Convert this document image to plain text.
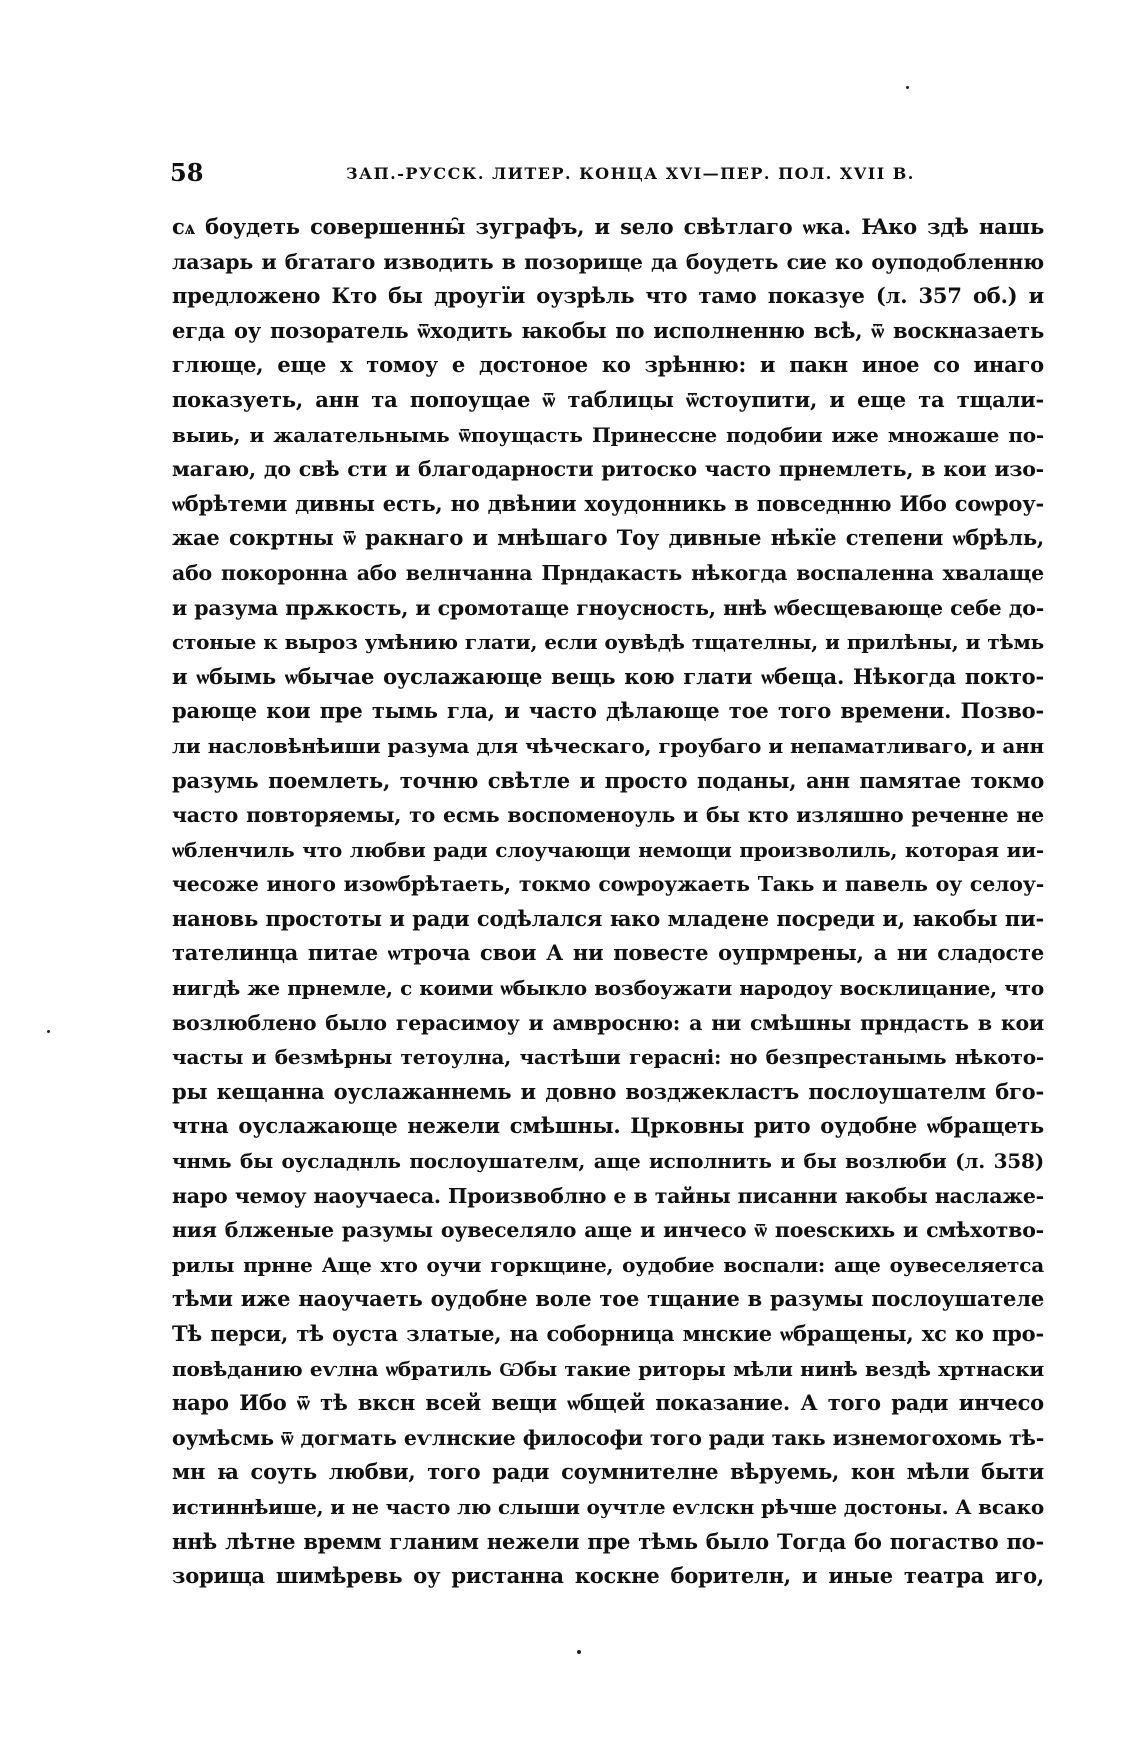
58	ЗАП.-РУСCК. ЛИТЕР. КОНЦА XVI—ПЕР. ПОЛ. XVII В.
сѧ боудеть совершенны̑ зуграфъ, и ѕело свѣтлаго ѡка. Ꙗко здѣ нашь
лазарь и бгатаго изводить в позорище да боудеть сие ко оуподобленню
предложено Кто бы дроугїи оузрѣль что тамо показуе (л. 357 об.) и
егда оу позоратель ѿходить ꙗкобы по исполненню всѣ, ѿ воскназаеть
глюще, еще х томоу е достоное ко зрѣнню: и пакн иное со инаго
показуеть, анн та попоущае ѿ таблицы ѿстоупити, и еще та тщали-
выиь, и жалательнымь ѿпоущасть Принессне подобии иже множаше по-
магаю, до свѣ сти и благодарности ритоско часто прнемлеть, в кои изо-
ѡбрѣтеми дивны есть, но двѣнии хоудонникь в повседнню Ибо соѡроу-
жае сокртны ѿ ракнаго и мнѣшаго Тоу дивные нѣкїе степени ѡбрѣль,
або покоронна або велнчанна Прндакасть нѣкогда воспаленна хвалаще
и разума прѫкость, и сромотаще гноусность, ннѣ ѡбесщевающе себе до-
стоные к выроз умѣнию глати, если оувѣдѣ тщателны, и прилѣны, и тѣмь
и ѡбымь ѡбычае оуслажающе вещь кою глати ѡбеща. Нѣкогда покто-
рающе кои пре тымь гла, и часто дѣлающе тое того времени. Позво-
ли насловѣнѣиши разума для чѣческаго, гроубаго и непаматливаго, и анн
разумь поемлеть, точню свѣтле и просто поданы, анн памятае токмо
часто повторяемы, то есмь воспоменоуль и бы кто изляшно реченне не
ѡбленчиль что любви ради слоучающи немощи произволиль, которая ии-
чесоже иного изоѡбрѣтаеть, токмо соѡроужаеть Такь и павель оу селоу-
нановь простоты и ради содѣлался ꙗко младене посреди и, ꙗкобы пи-
тателинца питае ѡтроча свои А ни повесте оупрмрены, а ни сладосте
нигдѣ же прнемле, с коими ѡбыкло возбоужати народоу восклицание, что
возлюблено было герасимоу и амвросню: а ни смѣшны прндасть в кои
часты и безмѣрны тетоулна, частѣши герасні: но безпрестанымь нѣкото-
ры кещанна оуслажаннемь и довно возджекластъ послоушателм бго-
чтна оуслажающе нежели смѣшны. Црковны рито оудобне ѡбращеть
чнмь бы оусладнль послоушателм, аще исполнить и бы возлюби (л. 358)
наро чемоу наоучаеса. Произвоблно е в тайны писанни ꙗкобы наслаже-
ния блженые разумы оувеселяло аще и инчесо ѿ поеѕскихь и смѣхотво-
рилы прнне Аще хто оучи горкщине, оудобие воспали: аще оувеселяетса
тѣми иже наоучаеть оудобне воле тое тщание в разумы послоушателе
Тѣ перси, тѣ оуста златые, на соборница мнские ѡбращены, хс ко про-
повѣданию еѵлна ѡбратиль Ѡбы такие риторы мѣли нинѣ вездѣ хртнаски
наро Ибо ѿ тѣ вксн всей вещи ѡбщей показание. А того ради инчесо
оумѣсмь ѿ догмать еѵлнские философи того ради такь изнемогохомь тѣ-
мн ꙗ соуть любви, того ради соумнителне вѣруемь, кон мѣли быти
истиннѣише, и не часто лю слыши оучтле еѵлскн рѣчше достоны. А всако
ннѣ лѣтне времм гланим нежели пре тѣмь было Тогда бо погаство по-
зорища шимѣревь оу ристанна коскне борителн, и иные театра иго,
